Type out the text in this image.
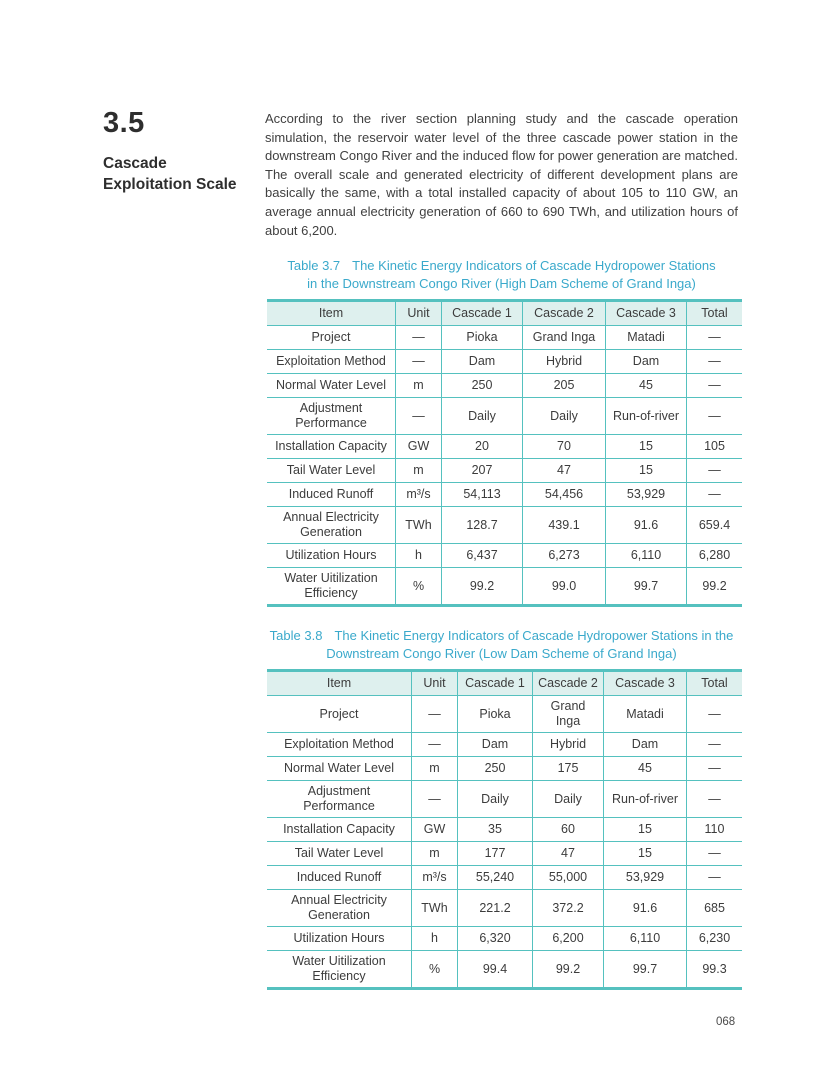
3.5
Cascade Exploitation Scale
According to the river section planning study and the cascade operation simulation, the reservoir water level of the three cascade power station in the downstream Congo River and the induced flow for power generation are matched. The overall scale and generated electricity of different development plans are basically the same, with a total installed capacity of about 105 to 110 GW, an average annual electricity generation of 660 to 690 TWh, and utilization hours of about 6,200.
Table 3.7 The Kinetic Energy Indicators of Cascade Hydropower Stations
in the Downstream Congo River (High Dam Scheme of Grand Inga)
Item	Unit	Cascade 1	Cascade 2	Cascade 3	Total
Project	—	Pioka	Grand Inga	Matadi	—
Exploitation Method	—	Dam	Hybrid	Dam	—
Normal Water Level	m	250	205	45	—
Adjustment Performance	—	Daily	Daily	Run-of-river	—
Installation Capacity	GW	20	70	15	105
Tail Water Level	m	207	47	15	—
Induced Runoff	m³/s	54,113	54,456	53,929	—
Annual Electricity Generation	TWh	128.7	439.1	91.6	659.4
Utilization Hours	h	6,437	6,273	6,110	6,280
Water Uitilization Efficiency	%	99.2	99.0	99.7	99.2
Table 3.8 The Kinetic Energy Indicators of Cascade Hydropower Stations in the
Downstream Congo River (Low Dam Scheme of Grand Inga)
Item	Unit	Cascade 1	Cascade 2	Cascade 3	Total
Project	—	Pioka	Grand Inga	Matadi	—
Exploitation Method	—	Dam	Hybrid	Dam	—
Normal Water Level	m	250	175	45	—
Adjustment Performance	—	Daily	Daily	Run-of-river	—
Installation Capacity	GW	35	60	15	110
Tail Water Level	m	177	47	15	—
Induced Runoff	m³/s	55,240	55,000	53,929	—
Annual Electricity Generation	TWh	221.2	372.2	91.6	685
Utilization Hours	h	6,320	6,200	6,110	6,230
Water Uitilization Efficiency	%	99.4	99.2	99.7	99.3
068
